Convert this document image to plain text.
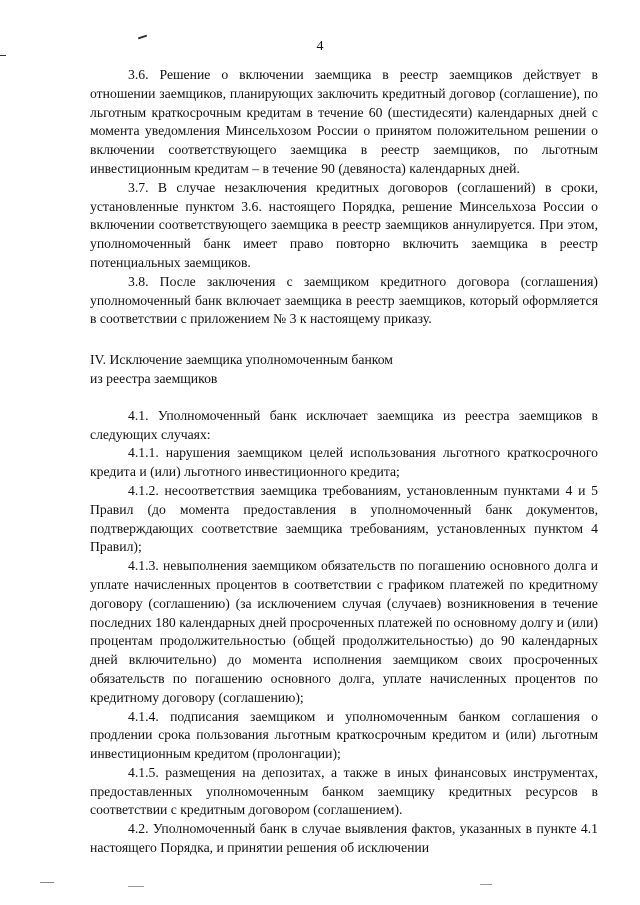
4

3.6. Решение о включении заемщика в реестр заемщиков действует в отношении заемщиков, планирующих заключить кредитный договор (соглашение), по льготным краткосрочным кредитам в течение 60 (шестидесяти) календарных дней с момента уведомления Минсельхозом России о принятом положительном решении о включении соответствующего заемщика в реестр заемщиков, по льготным инвестиционным кредитам – в течение 90 (девяноста) календарных дней.

3.7. В случае незаключения кредитных договоров (соглашений) в сроки, установленные пунктом 3.6. настоящего Порядка, решение Минсельхоза России о включении соответствующего заемщика в реестр заемщиков аннулируется. При этом, уполномоченный банк имеет право повторно включить заемщика в реестр потенциальных заемщиков.

3.8. После заключения с заемщиком кредитного договора (соглашения) уполномоченный банк включает заемщика в реестр заемщиков, который оформляется в соответствии с приложением № 3 к настоящему приказу.

IV. Исключение заемщика уполномоченным банком

из реестра заемщиков

4.1. Уполномоченный банк исключает заемщика из реестра заемщиков в следующих случаях:

4.1.1. нарушения заемщиком целей использования льготного краткосрочного кредита и (или) льготного инвестиционного кредита;

4.1.2. несоответствия заемщика требованиям, установленным пунктами 4 и 5 Правил (до момента предоставления в уполномоченный банк документов, подтверждающих соответствие заемщика требованиям, установленных пунктом 4 Правил);

4.1.3. невыполнения заемщиком обязательств по погашению основного долга и уплате начисленных процентов в соответствии с графиком платежей по кредитному договору (соглашению) (за исключением случая (случаев) возникновения в течение последних 180 календарных дней просроченных платежей по основному долгу и (или) процентам продолжительностью (общей продолжительностью) до 90 календарных дней включительно) до момента исполнения заемщиком своих просроченных обязательств по погашению основного долга, уплате начисленных процентов по кредитному договору (соглашению);

4.1.4. подписания заемщиком и уполномоченным банком соглашения о продлении срока пользования льготным краткосрочным кредитом и (или) льготным инвестиционным кредитом (пролонгации);

4.1.5. размещения на депозитах, а также в иных финансовых инструментах, предоставленных уполномоченным банком заемщику кредитных ресурсов в соответствии с кредитным договором (соглашением).

4.2. Уполномоченный банк в случае выявления фактов, указанных в пункте 4.1 настоящего Порядка, и принятии решения об исключении
